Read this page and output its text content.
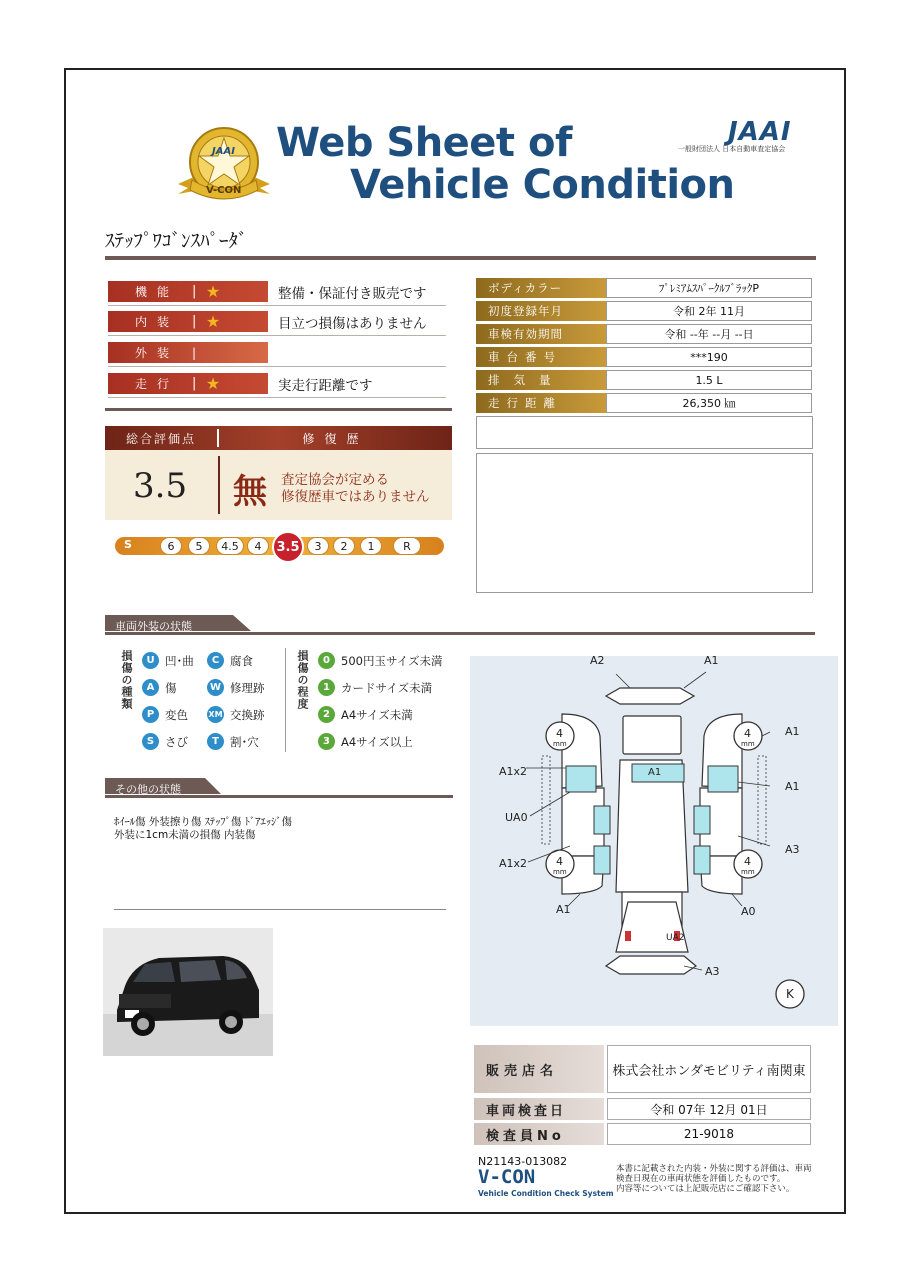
JAAI
V-CON
Web Sheet of
Vehicle Condition
JAAI
一般財団法人 日本自動車査定協会
ｽﾃｯﾌﾟﾜｺﾞﾝｽﾊﾟｰﾀﾞ
機能	| ★	整備・保証付き販売です
内装	| ★	目立つ損傷はありません
外装	|
走行	| ★	実走行距離です
ボディカラー	ﾌﾟﾚﾐｱﾑｽﾊﾟｰｸﾙﾌﾞﾗｯｸP
初度登録年月	令和 2年 11月
車検有効期間	令和 --年 --月 --日
車台番号	***190
排気量	1.5 L
走行距離	26,350 ㎞
総合評価点	修復歴
3.5 無 査定協会が定める
修復歴車ではありません
S	6	5	4.5	4	3.5	3	2	1	R
車両外装の状態
損傷の種類	U 凹･曲
A 傷
P 変色
S さび
C 腐食
W 修理跡
XM 交換跡
T 割･穴
損傷の程度	0 500円玉サイズ未満
1 カードサイズ未満
2 A4サイズ未満
3 A4サイズ以上
その他の状態
ﾎｲｰﾙ傷 外装擦り傷 ｽﾃｯﾌﾟ傷 ﾄﾞｱｴｯｼﾞ傷
外装に1cm未満の損傷 内装傷
A2	A1
A1
A1
A1x2
UA0
A1x2
A3
A1	A0
A1
UA2
A3
K
4
mm
4
mm
4
mm
4
mm
販売店名	株式会社ホンダモビリティ南関東
車両検査日	令和 07年 12月 01日
検査員No	21-9018
N21143-013082
V-CON
Vehicle Condition Check System
本書に記載された内装・外装に関する評価は、車両
検査日現在の車両状態を評価したものです。
内容等については上記販売店にご確認下さい。
